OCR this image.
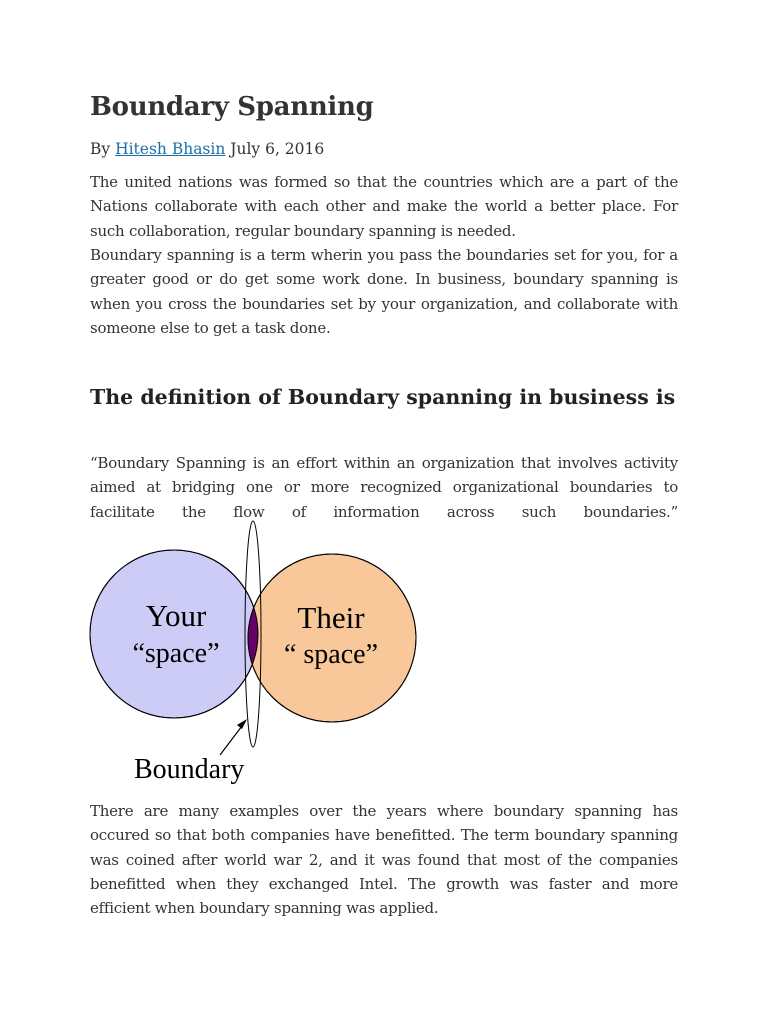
Boundary Spanning
By Hitesh Bhasin July 6, 2016

The united nations was formed so that the countries which are a part of the Nations collaborate with each other and make the world a better place. For such collaboration, regular boundary spanning is needed.

Boundary spanning is a term wherin you pass the boundaries set for you, for a greater good or do get some work done. In business, boundary spanning is when you cross the boundaries set by your organization, and collaborate with someone else to get a task done.

The definition of Boundary spanning in business is

“Boundary Spanning is an effort within an organization that involves activity aimed at bridging one or more recognized organizational boundaries to facilitate the flow of information across such boundaries.”

There are many examples over the years where boundary spanning has occured so that both companies have benefitted. The term boundary spanning was coined after world war 2, and it was found that most of the companies benefitted when they exchanged Intel. The growth was faster and more efficient when boundary spanning was applied.

Your
“space”
Their
“ space”
Boundary
